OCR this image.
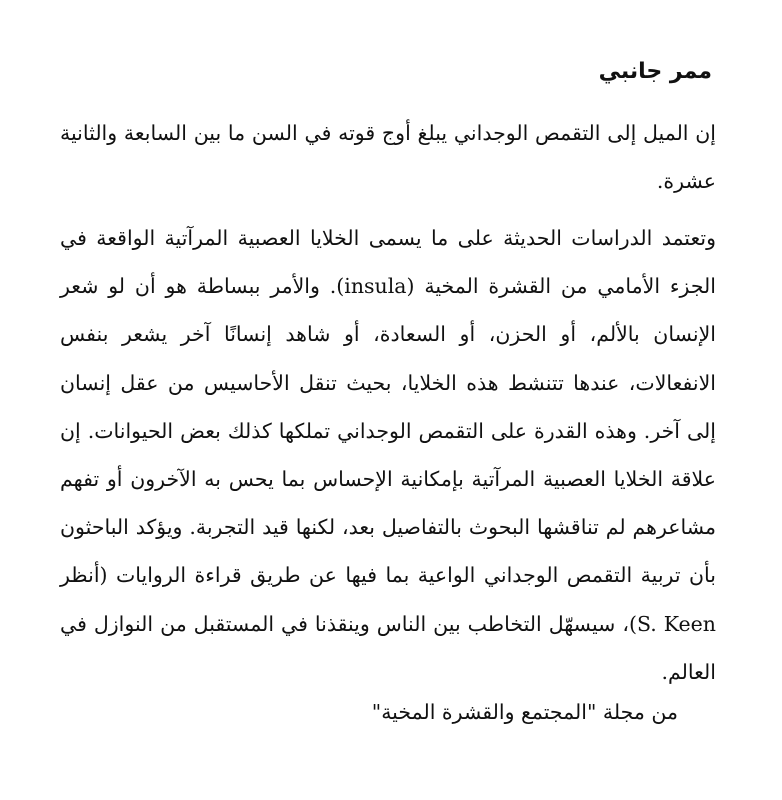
ممر جانبي

إن الميل إلى التقمص الوجداني يبلغ أوج قوته في السن ما بين السابعة والثانية عشرة.

وتعتمد الدراسات الحديثة على ما يسمى الخلايا العصبية المرآتية الواقعة في الجزء الأمامي من القشرة المخية (insula). والأمر ببساطة هو أن لو شعر الإنسان بالألم، أو الحزن، أو السعادة، أو شاهد إنسانًا آخر يشعر بنفس الانفعالات، عندها تتنشط هذه الخلايا، بحيث تنقل الأحاسيس من عقل إنسان إلى آخر. وهذه القدرة على التقمص الوجداني تملكها كذلك بعض الحيوانات. إن علاقة الخلايا العصبية المرآتية بإمكانية الإحساس بما يحس به الآخرون أو تفهم مشاعرهم لم تناقشها البحوث بالتفاصيل بعد، لكنها قيد التجربة. ويؤكد الباحثون بأن تربية التقمص الوجداني الواعية بما فيها عن طريق قراءة الروايات (أنظر S. Keen)، سيسهّل التخاطب بين الناس وينقذنا في المستقبل من النوازل في العالم.

من مجلة "المجتمع والقشرة المخية"
